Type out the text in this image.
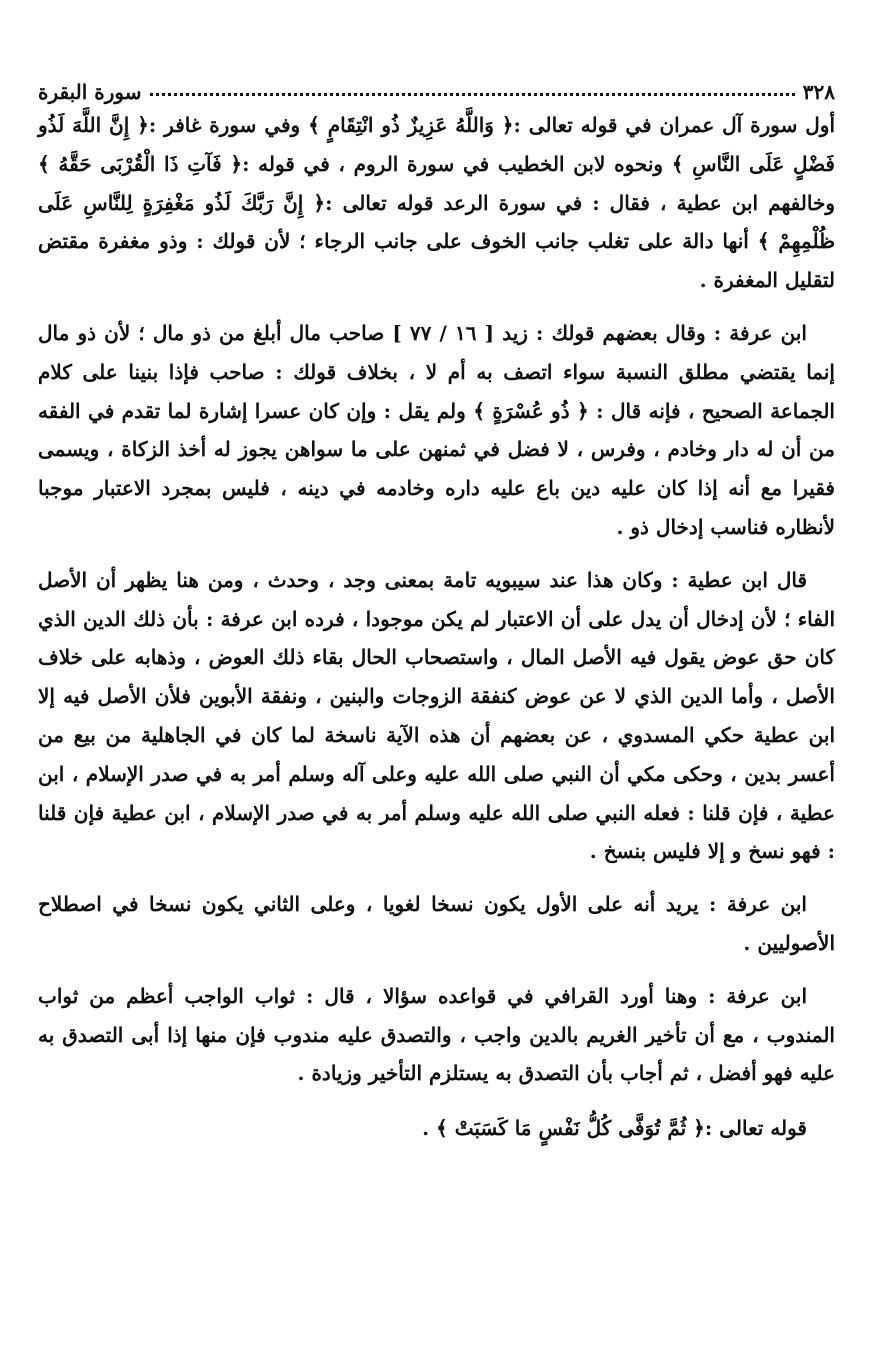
٣٢٨
سورة البقرة

أول سورة آل عمران في قوله تعالى :﴿ وَاللَّهُ عَزِيزٌ ذُو انْتِقَامٍ ﴾ وفي سورة غافر :﴿ إِنَّ اللَّهَ لَذُو فَضْلٍ عَلَى النَّاسِ ﴾ ونحوه لابن الخطيب في سورة الروم ، في قوله :﴿ فَآتِ ذَا الْقُرْبَى حَقَّهُ ﴾ وخالفهم ابن عطية ، فقال : في سورة الرعد قوله تعالى :﴿ إِنَّ رَبَّكَ لَذُو مَغْفِرَةٍ لِلنَّاسِ عَلَى ظُلْمِهِمْ ﴾ أنها دالة على تغلب جانب الخوف على جانب الرجاء ؛ لأن قولك : وذو مغفرة مقتض لتقليل المغفرة .

ابن عرفة : وقال بعضهم قولك : زيد [ ١٦ / ٧٧ ] صاحب مال أبلغ من ذو مال ؛ لأن ذو مال إنما يقتضي مطلق النسبة سواء اتصف به أم لا ، بخلاف قولك : صاحب فإذا بنينا على كلام الجماعة الصحيح ، فإنه قال : ﴿ ذُو عُسْرَةٍ ﴾ ولم يقل : وإن كان عسرا إشارة لما تقدم في الفقه من أن له دار وخادم ، وفرس ، لا فضل في ثمنهن على ما سواهن يجوز له أخذ الزكاة ، ويسمى فقيرا مع أنه إذا كان عليه دين باع عليه داره وخادمه في دينه ، فليس بمجرد الاعتبار موجبا لأنظاره فناسب إدخال ذو .

قال ابن عطية : وكان هذا عند سيبويه تامة بمعنى وجد ، وحدث ، ومن هنا يظهر أن الأصل الفاء ؛ لأن إدخال أن يدل على أن الاعتبار لم يكن موجودا ، فرده ابن عرفة : بأن ذلك الدين الذي كان حق عوض يقول فيه الأصل المال ، واستصحاب الحال بقاء ذلك العوض ، وذهابه على خلاف الأصل ، وأما الدين الذي لا عن عوض كنفقة الزوجات والبنين ، ونفقة الأبوين فلأن الأصل فيه إلا ابن عطية حكي المسدوي ، عن بعضهم أن هذه الآية ناسخة لما كان في الجاهلية من بيع من أعسر بدين ، وحكى مكي أن النبي صلى الله عليه وعلى آله وسلم أمر به في صدر الإسلام ، ابن عطية ، فإن قلنا : فعله النبي صلى الله عليه وسلم أمر به في صدر الإسلام ، ابن عطية فإن قلنا : فهو نسخ و إلا فليس بنسخ .

ابن عرفة : يريد أنه على الأول يكون نسخا لغويا ، وعلى الثاني يكون نسخا في اصطلاح الأصوليين .

ابن عرفة : وهنا أورد القرافي في قواعده سؤالا ، قال : ثواب الواجب أعظم من ثواب المندوب ، مع أن تأخير الغريم بالدين واجب ، والتصدق عليه مندوب فإن منها إذا أبى التصدق به عليه فهو أفضل ، ثم أجاب بأن التصدق به يستلزم التأخير وزيادة .

قوله تعالى :﴿ ثُمَّ تُوَفَّى كُلُّ نَفْسٍ مَا كَسَبَتْ ﴾ .
